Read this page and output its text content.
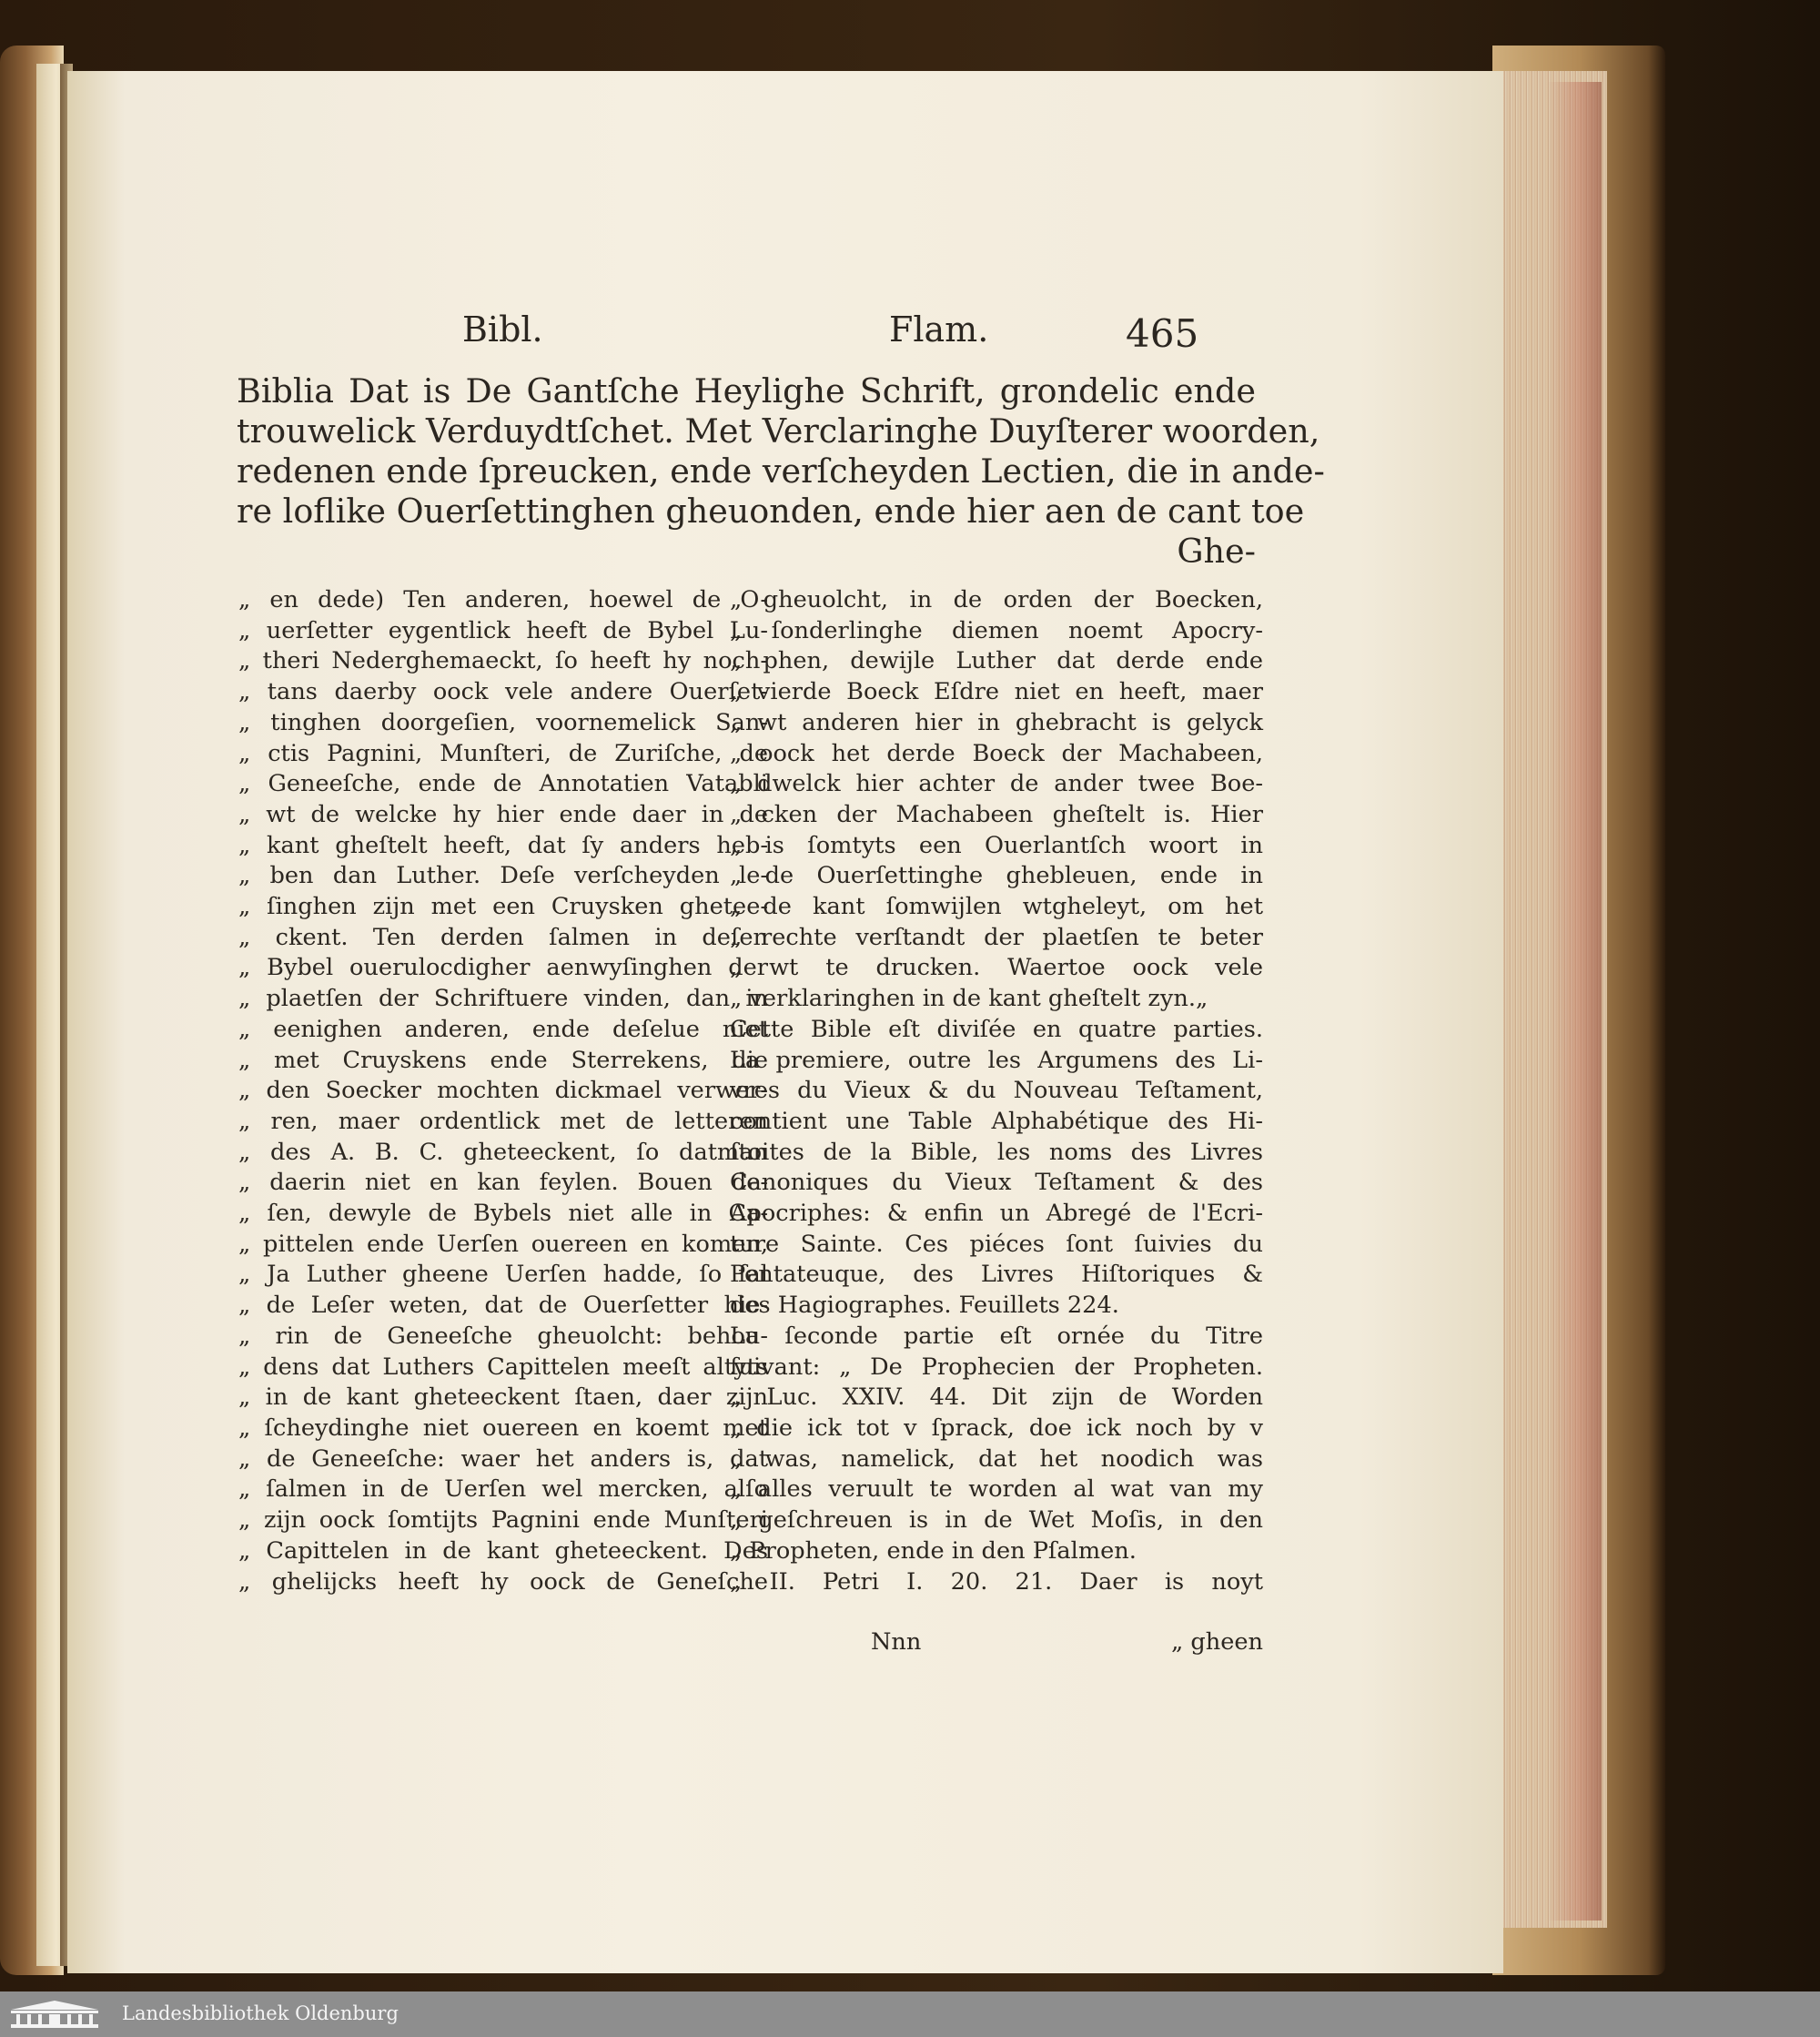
Bibl.	Flam.	465
Biblia Dat is De Gantſche Heylighe Schrift, grondelic ende
trouwelick Verduydtſchet. Met Verclaringhe Duyſterer woorden,
redenen ende ſpreucken, ende verſcheyden Lectien, die in ande-
re loflike Ouerſettinghen gheuonden, ende hier aen de cant toe
Ghe-
„ en dede) Ten anderen, hoewel de O-
„ uerſetter eygentlick heeft de Bybel Lu-
„ theri Nederghemaeckt, ſo heeft hy noch-
„ tans daerby oock vele andere Ouerſet-
„ tinghen doorgeſien, voornemelick San-
„ ctis Pagnini, Munſteri, de Zuriſche, de
„ Geneeſche, ende de Annotatien Vatabli
„ wt de welcke hy hier ende daer in de
„ kant gheſtelt heeft, dat ſy anders heb-
„ ben dan Luther. Deſe verſcheyden le-
„ ſinghen zijn met een Cruysken ghetee-
„ ckent. Ten derden ſalmen in deſen
„ Bybel ouerulocdigher aenwyſinghen der
„ plaetſen der Schriftuere vinden, dan in
„ eenighen anderen, ende deſelue niet
„ met Cruyskens ende Sterrekens, die
„ den Soecker mochten dickmael verwer-
„ ren, maer ordentlick met de letteren
„ des A. B. C. gheteeckent, ſo datman
„ daerin niet en kan feylen. Bouen de-
„ ſen, dewyle de Bybels niet alle in Ca-
„ pittelen ende Uerſen ouereen en komen,
„ Ja Luther gheene Uerſen hadde, ſo ſal
„ de Leſer weten, dat de Ouerſetter hie-
„ rin de Geneeſche gheuolcht: behou-
„ dens dat Luthers Capittelen meeſt altyts
„ in de kant gheteeckent ſtaen, daer zijn
„ ſcheydinghe niet ouereen en koemt met
„ de Geneeſche: waer het anders is, dat
„ ſalmen in de Uerſen wel mercken, alſo
„ zijn oock ſomtijts Pagnini ende Munſteri
„ Capittelen in de kant gheteeckent. Des
„ ghelijcks heeft hy oock de Geneſche
„ gheuolcht, in de orden der Boecken,
„ ſonderlinghe diemen noemt Apocry-
„ phen, dewijle Luther dat derde ende
„ vierde Boeck Eſdre niet en heeft, maer
„ wt anderen hier in ghebracht is gelyck
„ oock het derde Boeck der Machabeen,
„ dwelck hier achter de ander twee Boe-
„ cken der Machabeen gheſtelt is. Hier
„ is ſomtyts een Ouerlantſch woort in
„ de Ouerſettinghe ghebleuen, ende in
„ de kant ſomwijlen wtgheleyt, om het
„ rechte verſtandt der plaetſen te beter
„ wt te drucken. Waertoe oock vele
„ verklaringhen in de kant gheſtelt zyn.„
Cette Bible eſt diviſée en quatre parties.
La premiere, outre les Argumens des Li-
vres du Vieux & du Nouveau Teſtament,
contient une Table Alphabétique des Hi-
ſtoites de la Bible, les noms des Livres
Canoniques du Vieux Teſtament & des
Apocriphes: & enfin un Abregé de l'Ecri-
ture Sainte. Ces piéces ſont ſuivies du
Pentateuque, des Livres Hiſtoriques &
des Hagiographes. Feuillets 224.
La ſeconde partie eſt ornée du Titre
ſuivant: „ De Prophecien der Propheten.
„ Luc. XXIV. 44. Dit zijn de Worden
„ die ick tot v ſprack, doe ick noch by v
„ was, namelick, dat het noodich was
„ alles veruult te worden al wat van my
„ geſchreuen is in de Wet Moſis, in den
„ Propheten, ende in den Pſalmen.
„ II. Petri I. 20. 21. Daer is noyt
Nnn	„ gheen
Landesbibliothek Oldenburg
